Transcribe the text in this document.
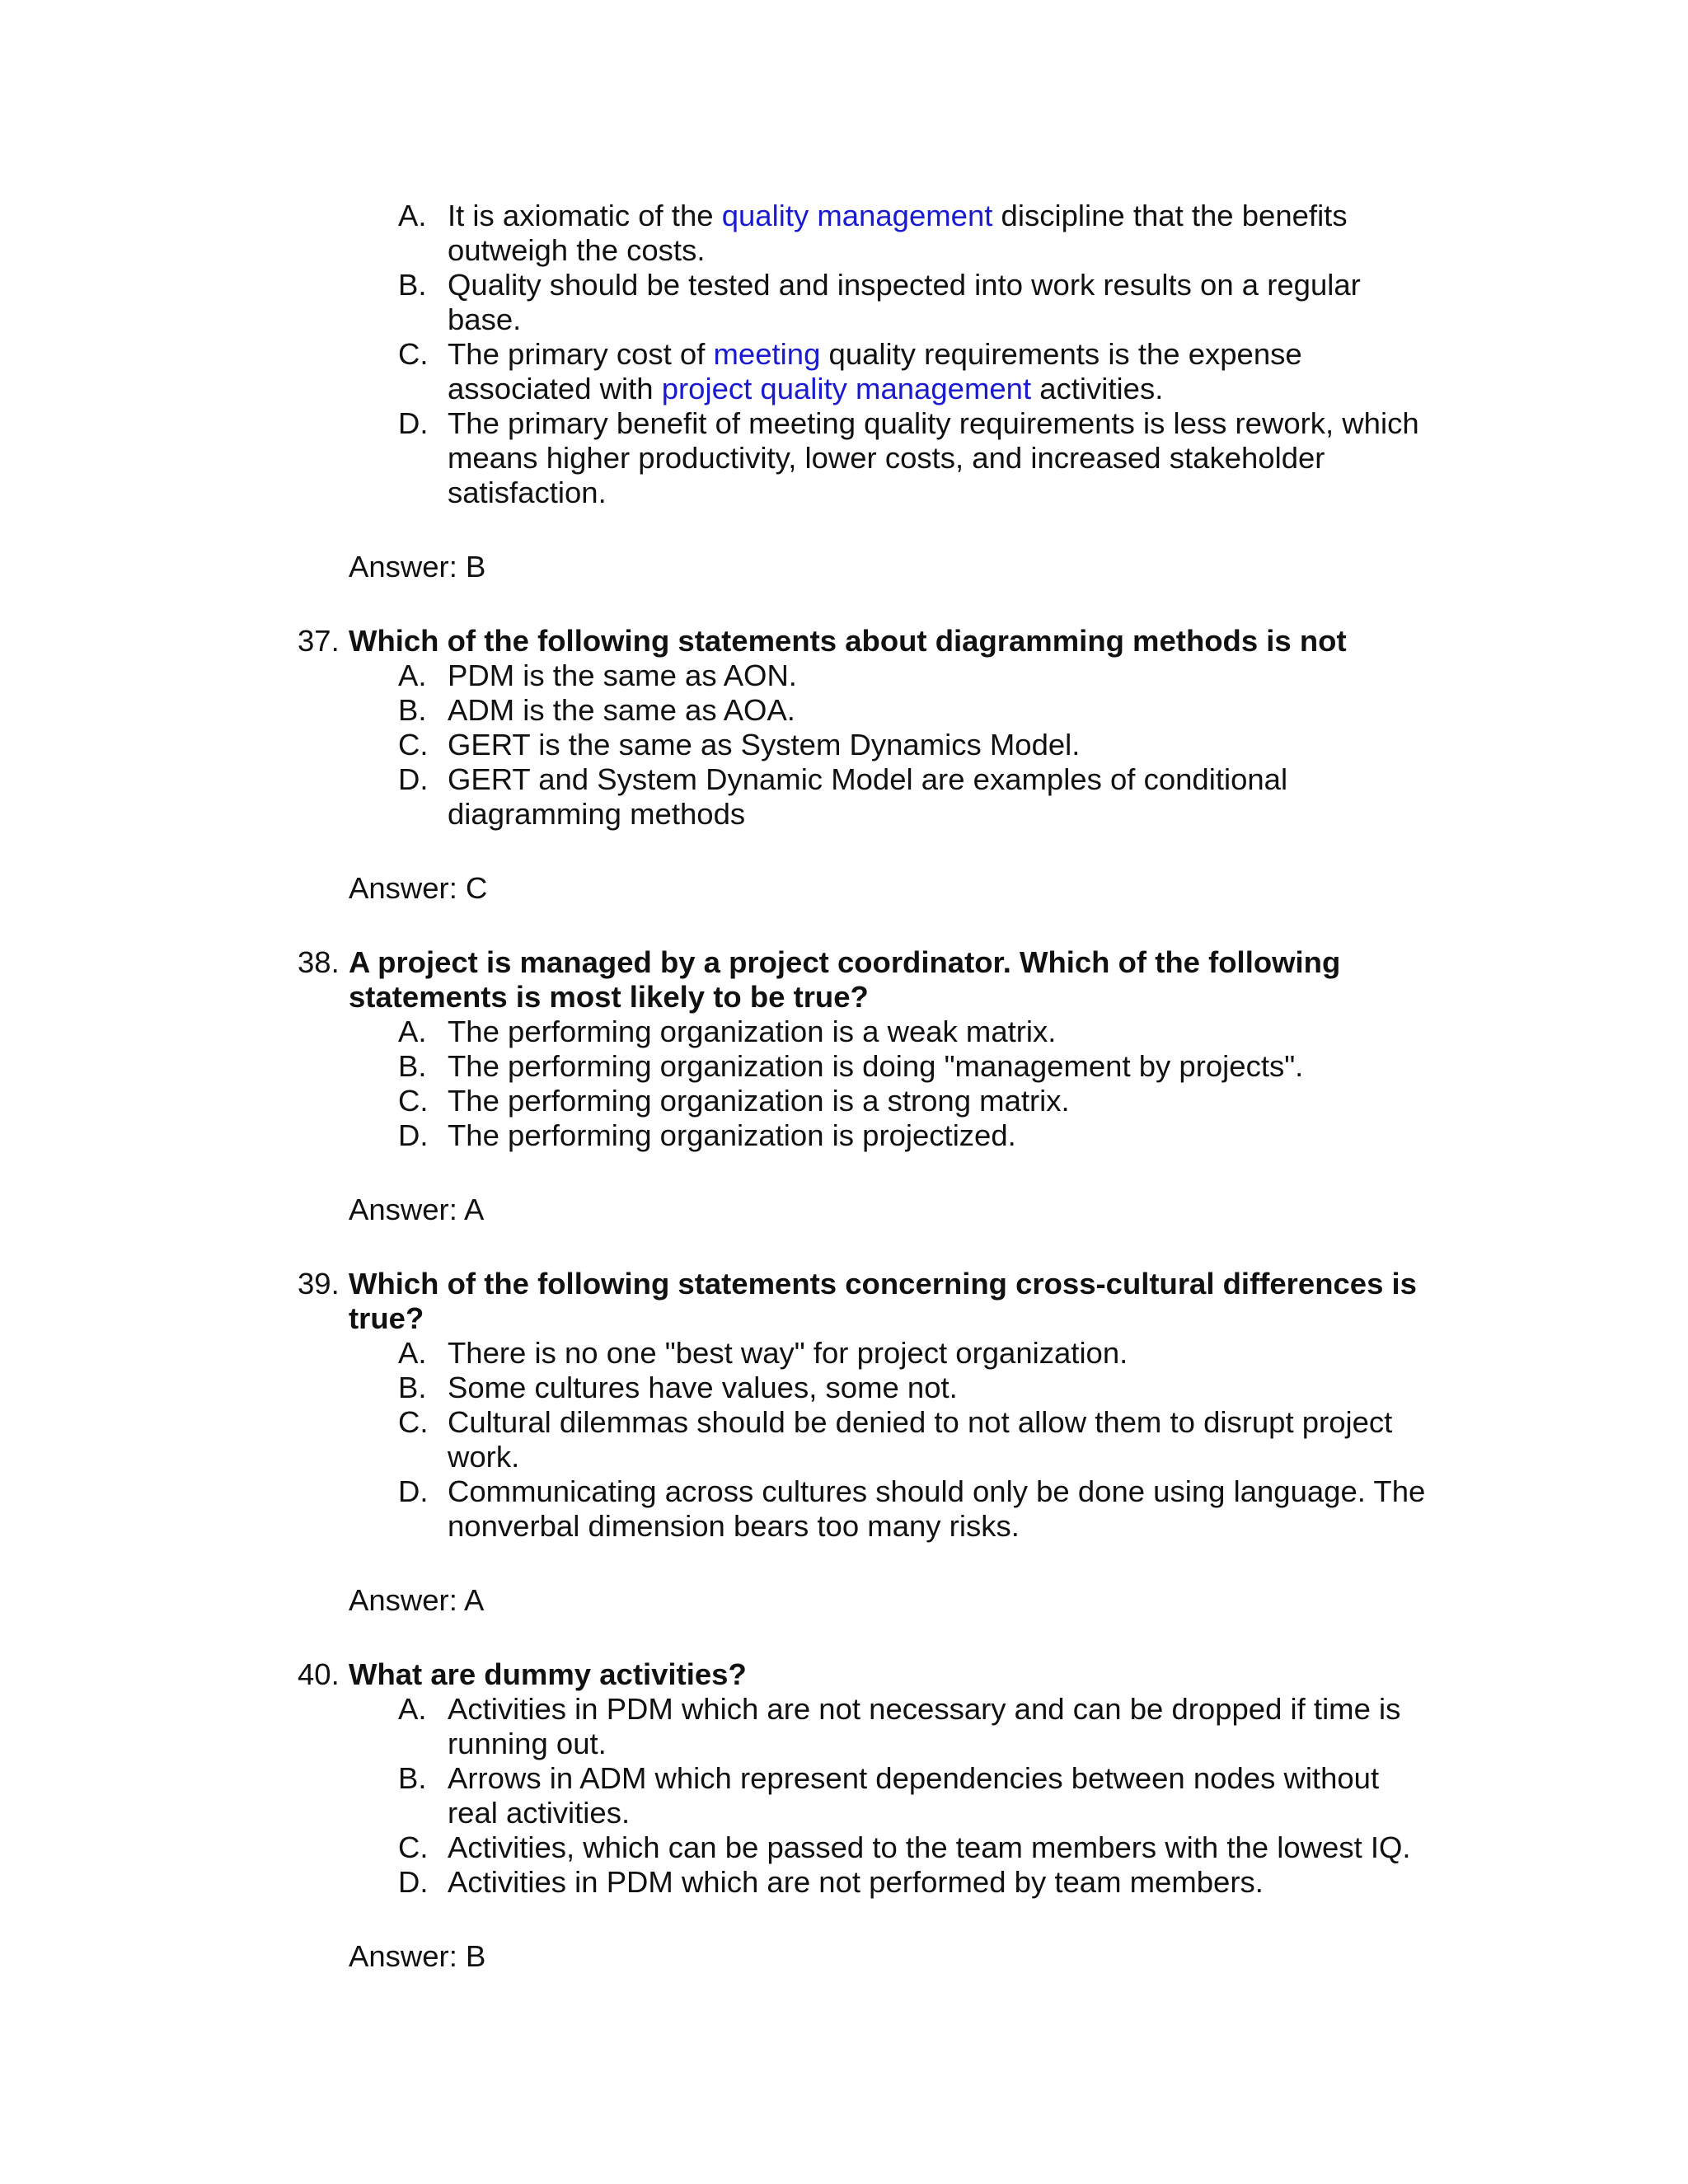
A. It is axiomatic of the quality management discipline that the benefits
outweigh the costs.
B. Quality should be tested and inspected into work results on a regular
base.
C. The primary cost of meeting quality requirements is the expense
associated with project quality management activities.
D. The primary benefit of meeting quality requirements is less rework, which
means higher productivity, lower costs, and increased stakeholder
satisfaction.
Answer: B
37. Which of the following statements about diagramming methods is not
A. PDM is the same as AON.
B. ADM is the same as AOA.
C. GERT is the same as System Dynamics Model.
D. GERT and System Dynamic Model are examples of conditional
diagramming methods
Answer: C
38. A project is managed by a project coordinator. Which of the following
statements is most likely to be true?
A. The performing organization is a weak matrix.
B. The performing organization is doing "management by projects".
C. The performing organization is a strong matrix.
D. The performing organization is projectized.
Answer: A
39. Which of the following statements concerning cross-cultural differences is
true?
A. There is no one "best way" for project organization.
B. Some cultures have values, some not.
C. Cultural dilemmas should be denied to not allow them to disrupt project
work.
D. Communicating across cultures should only be done using language. The
nonverbal dimension bears too many risks.
Answer: A
40. What are dummy activities?
A. Activities in PDM which are not necessary and can be dropped if time is
running out.
B. Arrows in ADM which represent dependencies between nodes without
real activities.
C. Activities, which can be passed to the team members with the lowest IQ.
D. Activities in PDM which are not performed by team members.
Answer: B
